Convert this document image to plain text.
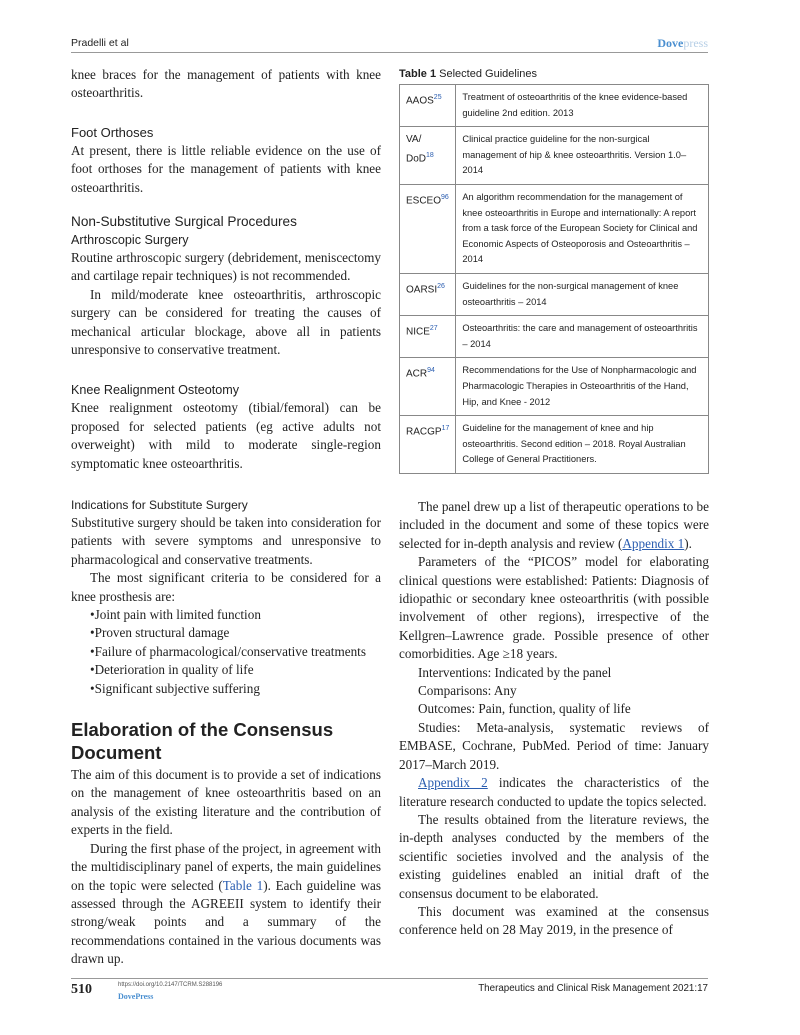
Pradelli et al	Dovepress

knee braces for the management of patients with knee osteoarthritis.

Foot Orthoses

At present, there is little reliable evidence on the use of foot orthoses for the management of patients with knee osteoarthritis.

Non-Substitutive Surgical Procedures
Arthroscopic Surgery

Routine arthroscopic surgery (debridement, meniscectomy and cartilage repair techniques) is not recommended.

In mild/moderate knee osteoarthritis, arthroscopic surgery can be considered for treating the causes of mechanical articular blockage, above all in patients unresponsive to conservative treatment.

Knee Realignment Osteotomy

Knee realignment osteotomy (tibial/femoral) can be proposed for selected patients (eg active adults not overweight) with mild to moderate single-region symptomatic knee osteoarthritis.

Table 1 Selected Guidelines
AAOS$^{25}$	Treatment of osteoarthritis of the knee evidence-based guideline 2nd edition. 2013
VA/ DoD$^{18}$	Clinical practice guideline for the non-surgical management of hip & knee osteoarthritis. Version 1.0–2014
ESCEO$^{96}$	An algorithm recommendation for the management of knee osteoarthritis in Europe and internationally: A report from a task force of the European Society for Clinical and Economic Aspects of Osteoporosis and Osteoarthritis – 2014
OARSI$^{26}$	Guidelines for the non-surgical management of knee osteoarthritis – 2014
NICE$^{27}$	Osteoarthritis: the care and management of osteoarthritis – 2014
ACR$^{94}$	Recommendations for the Use of Nonpharmacologic and Pharmacologic Therapies in Osteoarthritis of the Hand, Hip, and Knee - 2012
RACGP$^{17}$	Guideline for the management of knee and hip osteoarthritis. Second edition – 2018. Royal Australian College of General Practitioners.
Indications for Substitute Surgery

Substitutive surgery should be taken into consideration for patients with severe symptoms and unresponsive to pharmacological and conservative treatments.

The most significant criteria to be considered for a knee prosthesis are:

•Joint pain with limited function
•Proven structural damage
•Failure of pharmacological/conservative treatments
•Deterioration in quality of life
•Significant subjective suffering
Elaboration of the Consensus Document

The aim of this document is to provide a set of indications on the management of knee osteoarthritis based on an analysis of the existing literature and the contribution of experts in the field.

During the first phase of the project, in agreement with the multidisciplinary panel of experts, the main guidelines on the topic were selected (Table 1). Each guideline was assessed through the AGREEII system to identify their strong/weak points and a summary of the recommendations contained in the various documents was drawn up.

The panel drew up a list of therapeutic operations to be included in the document and some of these topics were selected for in-depth analysis and review (Appendix 1).

Parameters of the “PICOS” model for elaborating clinical questions were established: Patients: Diagnosis of idiopathic or secondary knee osteoarthritis (with possible involvement of other regions), irrespective of the Kellgren–Lawrence grade. Possible presence of other comorbidities. Age ≥18 years.

Interventions: Indicated by the panel

Comparisons: Any

Outcomes: Pain, function, quality of life

Studies: Meta-analysis, systematic reviews of EMBASE, Cochrane, PubMed. Period of time: January 2017–March 2019.

Appendix 2 indicates the characteristics of the literature research conducted to update the topics selected.

The results obtained from the literature reviews, the in-depth analyses conducted by the members of the scientific societies involved and the analysis of the existing guidelines enabled an initial draft of the consensus document to be elaborated.

This document was examined at the consensus conference held on 28 May 2019, in the presence of

510	https://doi.org/10.2147/TCRM.S288196
DovePress
Therapeutics and Clinical Risk Management 2021:17
